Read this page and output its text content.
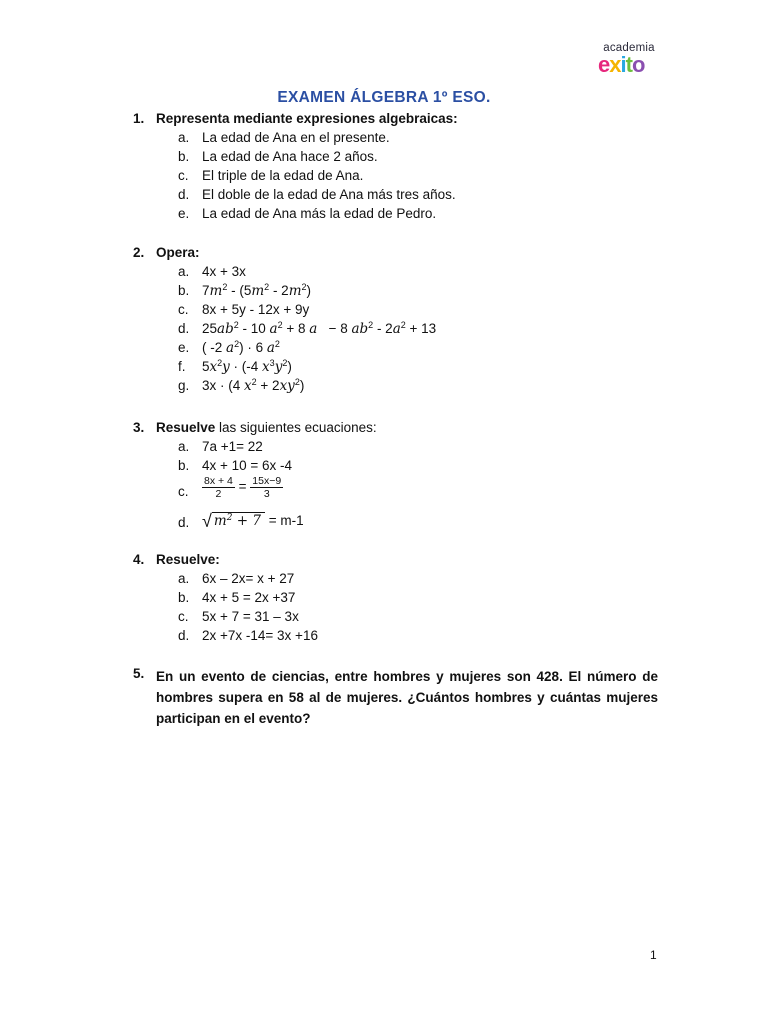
academia
exito
EXAMEN ÁLGEBRA 1º ESO.
1. Representa mediante expresiones algebraicas:
a. La edad de Ana en el presente.
b. La edad de Ana hace 2 años.
c. El triple de la edad de Ana.
d. El doble de la edad de Ana más tres años.
e. La edad de Ana más la edad de Pedro.
2. Opera:
a. 4x + 3x
b. $7m^2 - (5m^2 - 2m^2)$
c. 8x + 5y - 12x + 9y
d. $25ab^2 - 10$ $a^2 + 8$ a   − 8 $ab^2 - 2a^2 + 13$
e. ( -2 $a^2) \cdot 6$ $a^2$
f.	$5x^2y \cdot (-4$ $x^3y^2$)
g. 3x · (4 $x^2 + 2xy^2$)
3. Resuelve las siguientes ecuaciones:
a. 7a +1= 22
b. 4x + 10 = 6x -4
c.	$\frac{8x + 4}{2} = \frac{15x-9}{3}$
d. √ $m^2 + 7 = m-1$
4. Resuelve:
a. 6x – 2x= x + 27
b. 4x + 5 = 2x +37
c. 5x + 7 = 31 – 3x
d. 2x +7x -14= 3x +16
5. En un evento de ciencias, entre hombres y mujeres son 428. El número de hombres supera en 58 al de mujeres. ¿Cuántos hombres y cuántas mujeres participan en el evento?
1
